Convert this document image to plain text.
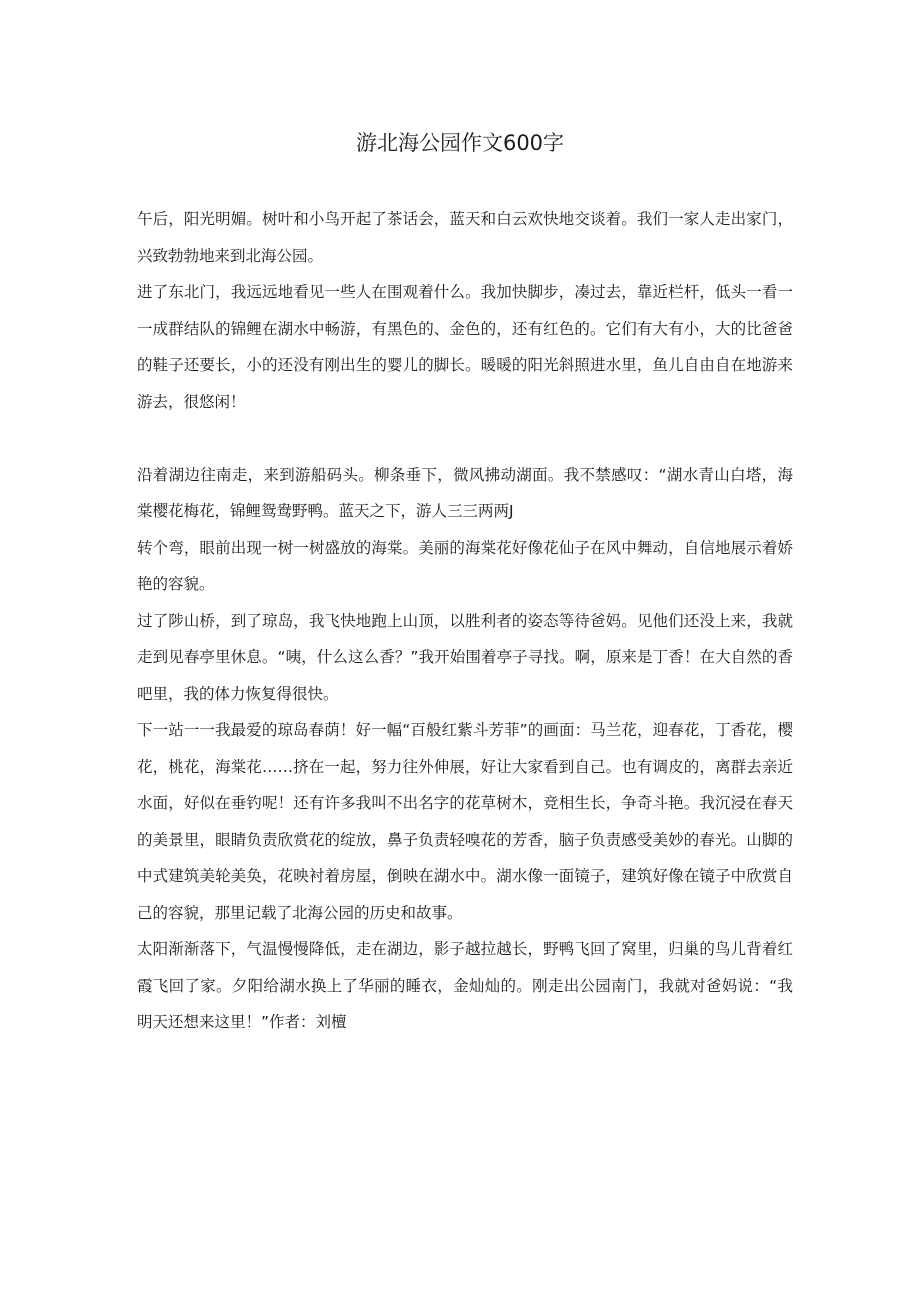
游北海公园作文600字

午后，阳光明媚。树叶和小鸟开起了茶话会，蓝天和白云欢快地交谈着。我们一家人走出家门，兴致勃勃地来到北海公园。

进了东北门，我远远地看见一些人在围观着什么。我加快脚步，凑过去，靠近栏杆，低头一看一一成群结队的锦鲤在湖水中畅游，有黑色的、金色的，还有红色的。它们有大有小，大的比爸爸的鞋子还要长，小的还没有刚出生的婴儿的脚长。暖暖的阳光斜照进水里，鱼儿自由自在地游来游去，很悠闲！

沿着湖边往南走，来到游船码头。柳条垂下，微风拂动湖面。我不禁感叹：“湖水青山白塔，海棠樱花梅花，锦鲤鸳鸯野鸭。蓝天之下，游人三三两两J

转个弯，眼前出现一树一树盛放的海棠。美丽的海棠花好像花仙子在风中舞动，自信地展示着娇艳的容貌。

过了陟山桥，到了琼岛，我飞快地跑上山顶，以胜利者的姿态等待爸妈。见他们还没上来，我就走到见春亭里休息。“咦，什么这么香？”我开始围着亭子寻找。啊，原来是丁香！在大自然的香吧里，我的体力恢复得很快。

下一站一一我最爱的琼岛春荫！好一幅“百般红紫斗芳菲”的画面：马兰花，迎春花，丁香花，樱花，桃花，海棠花……挤在一起，努力往外伸展，好让大家看到自己。也有调皮的，离群去亲近水面，好似在垂钓呢！还有许多我叫不出名字的花草树木，竞相生长，争奇斗艳。我沉浸在春天的美景里，眼睛负责欣赏花的绽放，鼻子负责轻嗅花的芳香，脑子负责感受美妙的春光。山脚的中式建筑美轮美奂，花映衬着房屋，倒映在湖水中。湖水像一面镜子，建筑好像在镜子中欣赏自己的容貌，那里记载了北海公园的历史和故事。

太阳渐渐落下，气温慢慢降低，走在湖边，影子越拉越长，野鸭飞回了窝里，归巢的鸟儿背着红霞飞回了家。夕阳给湖水换上了华丽的睡衣，金灿灿的。刚走出公园南门，我就对爸妈说：“我明天还想来这里！”作者：刘檀
